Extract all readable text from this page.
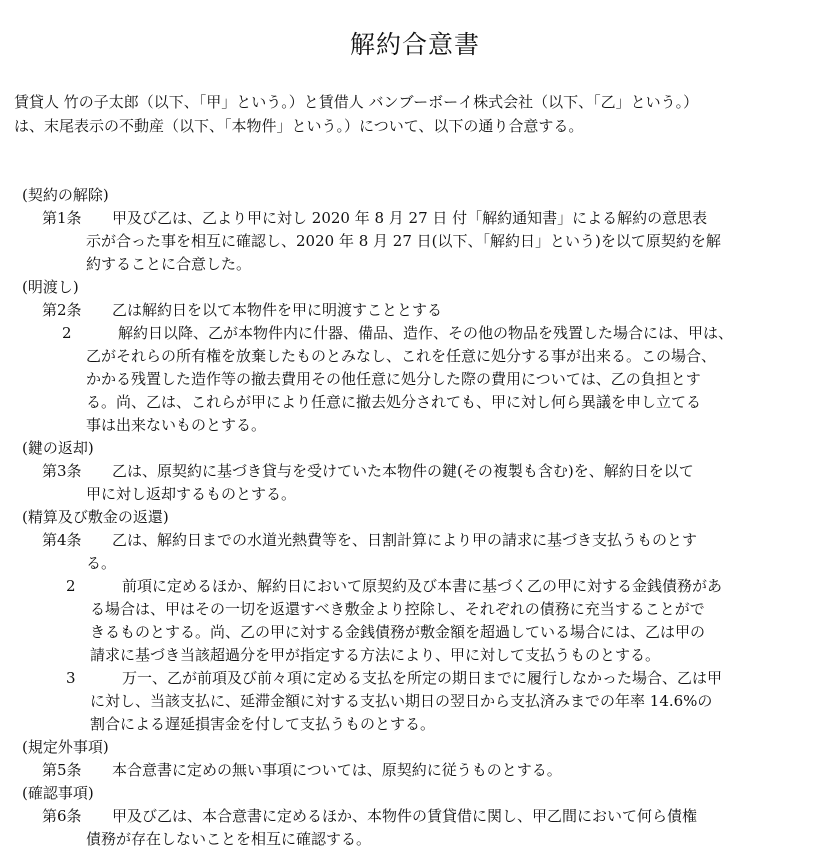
解約合意書

賃貸人 竹の子太郎（以下、「甲」という。）と賃借人 バンブーボーイ株式会社（以下、「乙」という。）

は、末尾表示の不動産（以下、「本物件」という。）について、以下の通り合意する。

(契約の解除)
第1条 甲及び乙は、乙より甲に対し 2020 年 8 月 27 日 付「解約通知書」による解約の意思表
示が合った事を相互に確認し、2020 年 8 月 27 日(以下、「解約日」という)を以て原契約を解
約することに合意した。
(明渡し)
第2条 乙は解約日を以て本物件を甲に明渡すこととする
2	解約日以降、乙が本物件内に什器、備品、造作、その他の物品を残置した場合には、甲は、
乙がそれらの所有権を放棄したものとみなし、これを任意に処分する事が出来る。この場合、
かかる残置した造作等の撤去費用その他任意に処分した際の費用については、乙の負担とす
る。尚、乙は、これらが甲により任意に撤去処分されても、甲に対し何ら異議を申し立てる
事は出来ないものとする。
(鍵の返却)
第3条 乙は、原契約に基づき貸与を受けていた本物件の鍵(その複製も含む)を、解約日を以て
甲に対し返却するものとする。
(精算及び敷金の返還)
第4条 乙は、解約日までの水道光熱費等を、日割計算により甲の請求に基づき支払うものとす
る。
2	前項に定めるほか、解約日において原契約及び本書に基づく乙の甲に対する金銭債務があ
る場合は、甲はその一切を返還すべき敷金より控除し、それぞれの債務に充当することがで
きるものとする。尚、乙の甲に対する金銭債務が敷金額を超過している場合には、乙は甲の
請求に基づき当該超過分を甲が指定する方法により、甲に対して支払うものとする。
3	万一、乙が前項及び前々項に定める支払を所定の期日までに履行しなかった場合、乙は甲
に対し、当該支払に、延滞金額に対する支払い期日の翌日から支払済みまでの年率 14.6%の
割合による遅延損害金を付して支払うものとする。
(規定外事項)
第5条 本合意書に定めの無い事項については、原契約に従うものとする。
(確認事項)
第6条 甲及び乙は、本合意書に定めるほか、本物件の賃貸借に関し、甲乙間において何ら債権
債務が存在しないことを相互に確認する。
